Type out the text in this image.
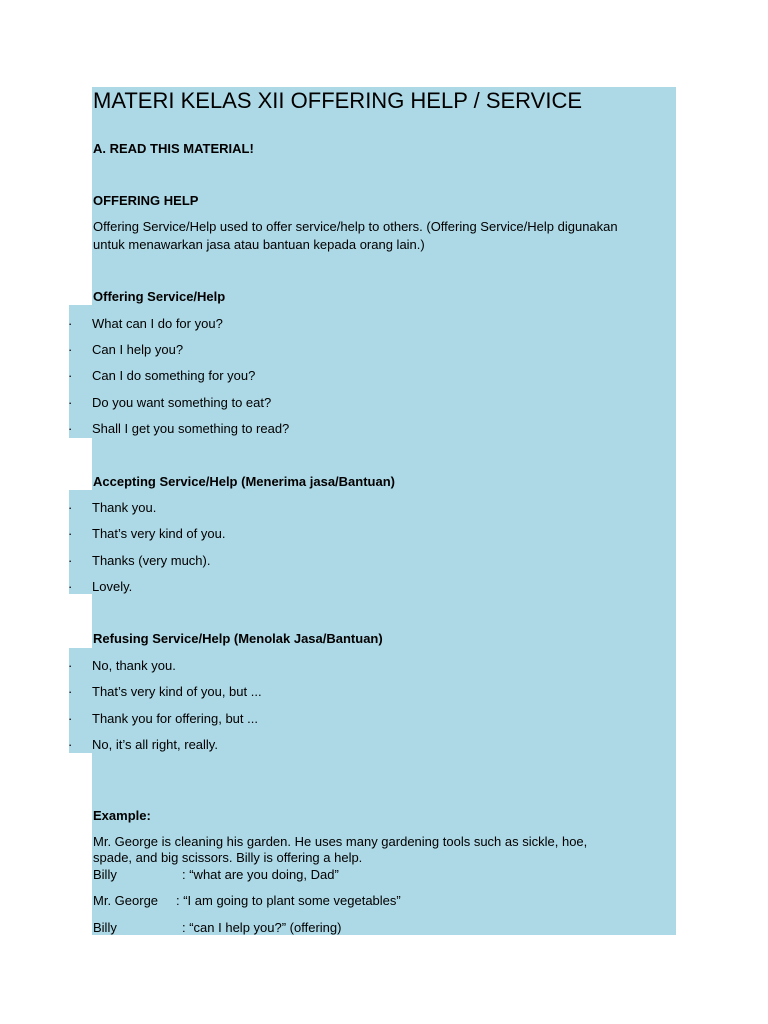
MATERI KELAS XII OFFERING HELP / SERVICE
A. READ THIS MATERIAL!
OFFERING HELP
Offering Service/Help used to offer service/help to others. (Offering Service/Help digunakan
untuk menawarkan jasa atau bantuan kepada orang lain.)
Offering Service/Help
· What can I do for you?
· Can I help you?
· Can I do something for you?
· Do you want something to eat?
· Shall I get you something to read?
Accepting Service/Help (Menerima jasa/Bantuan)
· Thank you.
· That’s very kind of you.
· Thanks (very much).
· Lovely.
Refusing Service/Help (Menolak Jasa/Bantuan)
· No, thank you.
· That’s very kind of you, but ...
· Thank you for offering, but ...
· No, it’s all right, really.
Example:
Mr. George is cleaning his garden. He uses many gardening tools such as sickle, hoe,
spade, and big scissors. Billy is offering a help.
Billy	: “what are you doing, Dad”
Mr. George : “I am going to plant some vegetables”
Billy	: “can I help you?” (offering)
